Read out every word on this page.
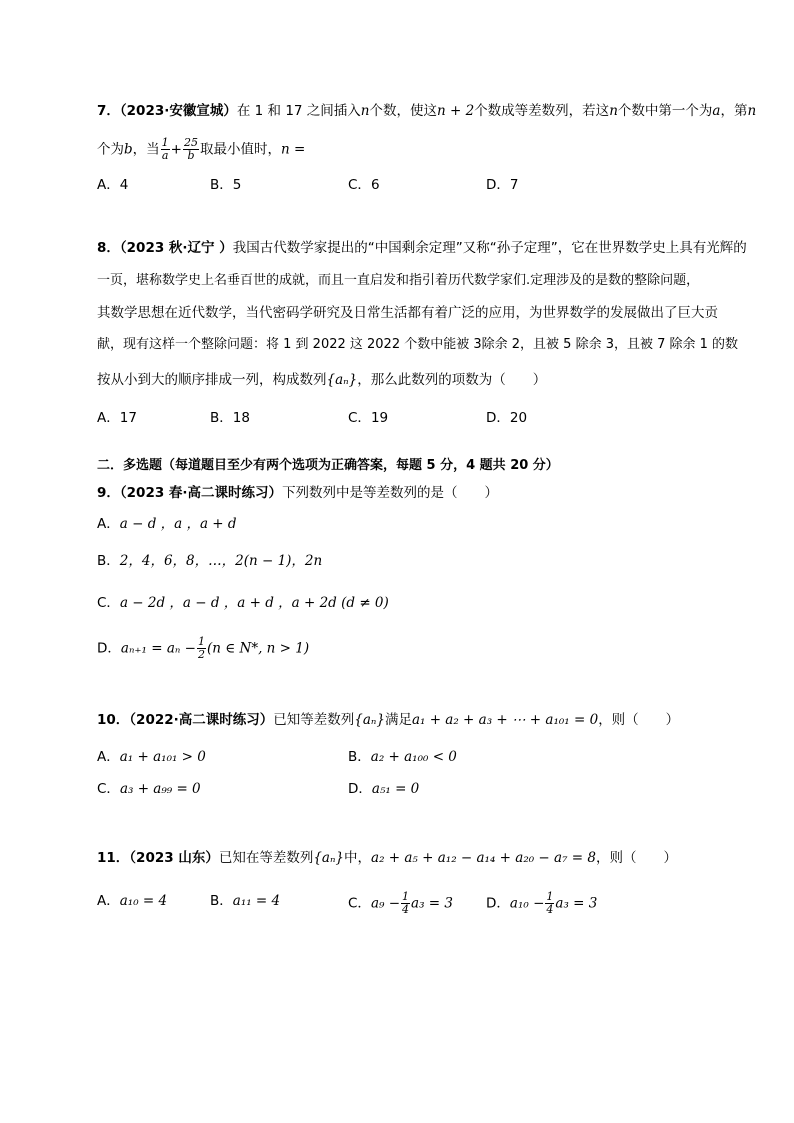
7．（2023·安徽宣城）在 1 和 17 之间插入n个数，使这n + 2个数成等差数列，若这n个数中第一个为a，第n
个为b，当 $\frac{1}{a} + \frac{25}{b}$ 取最小值时，n =
A．4	B．5	C．6	D．7
8．（2023 秋·辽宁 ）我国古代数学家提出的“中国剩余定理”又称“孙子定理”，它在世界数学史上具有光辉的
一页，堪称数学史上名垂百世的成就，而且一直启发和指引着历代数学家们.定理涉及的是数的整除问题，
其数学思想在近代数学，当代密码学研究及日常生活都有着广泛的应用，为世界数学的发展做出了巨大贡
献，现有这样一个整除问题：将 1 到 2022 这 2022 个数中能被 3除余 2，且被 5 除余 3，且被 7 除余 1 的数
按从小到大的顺序排成一列，构成数列{aₙ}，那么此数列的项数为（　　）
A．17	B．18	C．19	D．20
二．多选题（每道题目至少有两个选项为正确答案，每题 5 分，4 题共 20 分）
9．（2023 春·高二课时练习）下列数列中是等差数列的是（　　）
A．a − d ，a ，a + d
B．2，4，6，8，…，2(n − 1)，2n
C．a − 2d ，a − d ，a + d ，a + 2d (d ≠ 0)
D．$a_{n+1} = a_n - \frac{1}{2} (n$ ∈ N*, n > 1)
10．（2022·高二课时练习）已知等差数列{aₙ}满足a₁ + a₂ + a₃ + ⋯ + a₁₀₁ = 0，则（　　）
A．a₁ + a₁₀₁ > 0	B．a₂ + a₁₀₀ < 0
C．a₃ + a₉₉ = 0	D．a₅₁ = 0
11．（2023 山东）已知在等差数列{aₙ}中，a₂ + a₅ + a₁₂ − a₁₄ + a₂₀ − a₇ = 8，则（　　）
A．a₁₀ = 4	B．a₁₁ = 4	C．$a_9 - \frac{1}{4} a_3 = 3$ D．$a_{10} - \frac{1}{4} a_3 = 3$
